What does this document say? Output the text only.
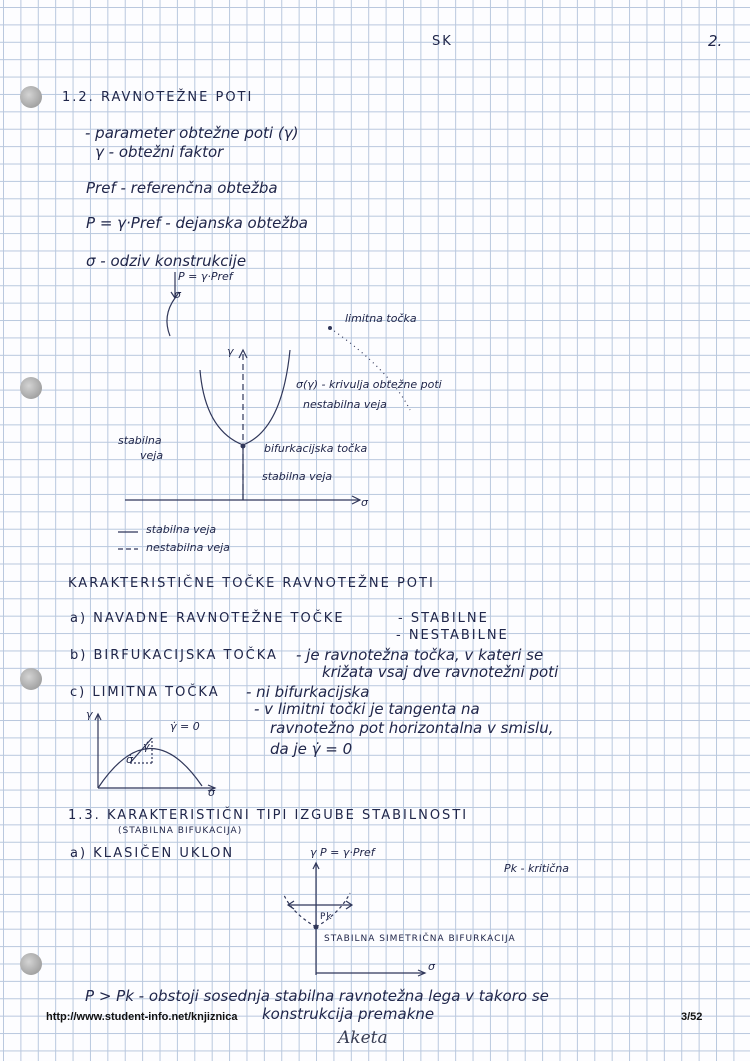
SK	2.
1.2. RAVNOTEŽNE POTI
- parameter obtežne poti (γ)
γ - obtežni faktor
Pref - referenčna obtežba
P = γ·Pref - dejanska obtežba
σ - odziv konstrukcije
P = γ·Pref
σ
limitna točka
γ
σ(γ) - krivulja obtežne poti
nestabilna veja
stabilna
veja
bifurkacijska točka
stabilna veja
σ
stabilna veja
nestabilna veja
KARAKTERISTIČNE TOČKE RAVNOTEŽNE POTI
a) NAVADNE RAVNOTEŽNE TOČKE	- STABILNE
- NESTABILNE
b) BIRFUKACIJSKA TOČKA - je ravnotežna točka, v kateri se
križata vsaj dve ravnotežni poti
c) LIMITNA TOČKA - ni bifurkacijska
- v limitni točki je tangenta na
ravnotežno pot horizontalna v smislu,
da je γ̇ = 0
γ
γ̇ = 0
γ̇
σ̇
σ
1.3. KARAKTERISTIČNI TIPI IZGUBE STABILNOSTI
(STABILNA BIFUKACIJA)
a) KLASIČEN UKLON	γ P = γ·Pref
Pk - kritična
Pk
STABILNA SIMETRIČNA BIFURKACIJA
σ
P > Pk - obstoji sosednja stabilna ravnotežna lega v takoro se
konstrukcija premakne
http://www.student-info.net/knjiznica	3/52
Aketa
